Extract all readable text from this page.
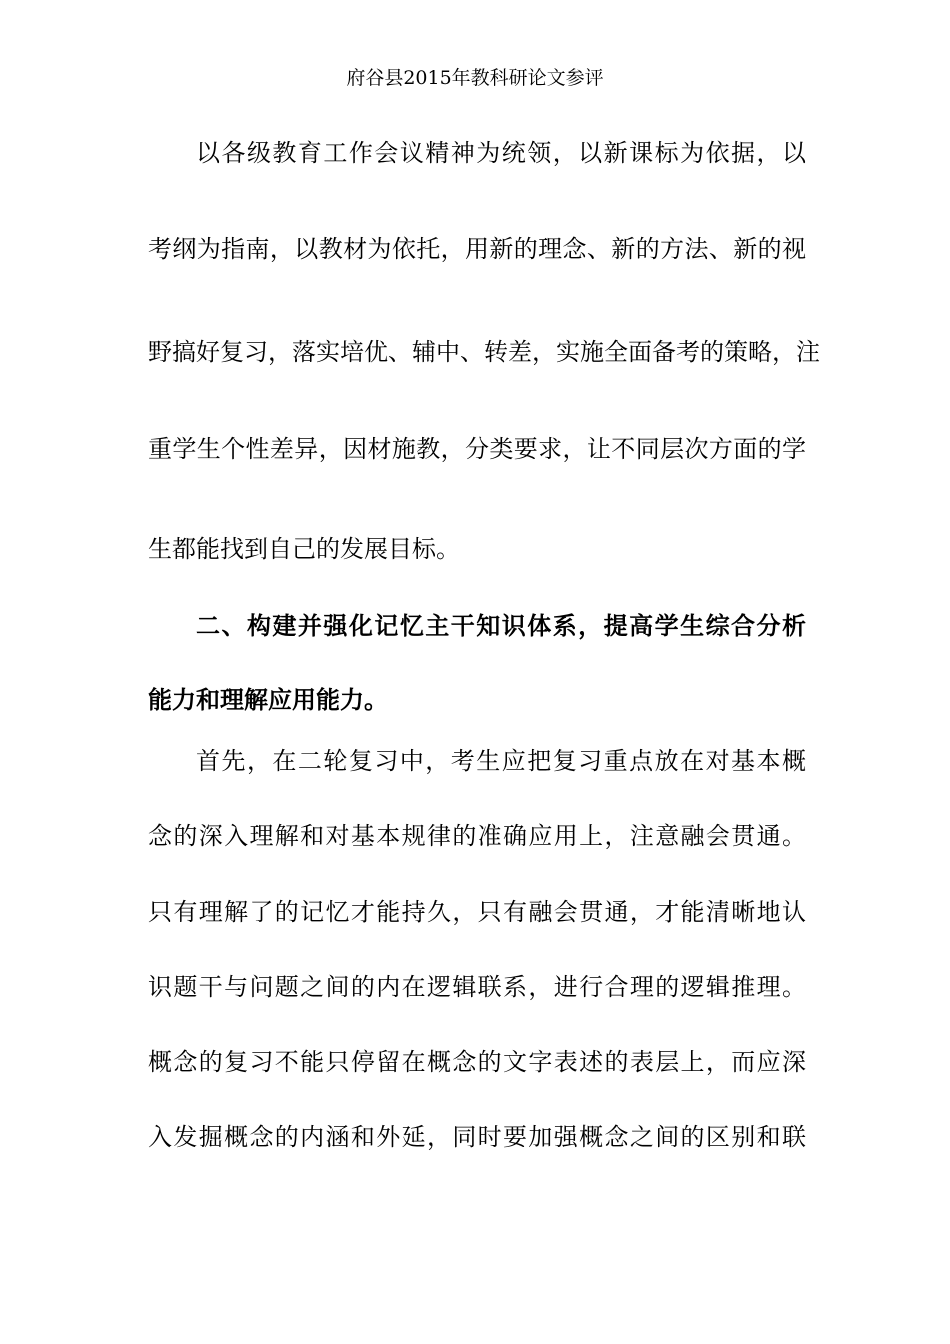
府谷县2015年教科研论文参评
以各级教育工作会议精神为统领，以新课标为依据，以
考纲为指南，以教材为依托，用新的理念、新的方法、新的视
野搞好复习，落实培优、辅中、转差，实施全面备考的策略，注
重学生个性差异，因材施教，分类要求，让不同层次方面的学
生都能找到自己的发展目标。
二、构建并强化记忆主干知识体系，提高学生综合分析
能力和理解应用能力。
首先，在二轮复习中，考生应把复习重点放在对基本概
念的深入理解和对基本规律的准确应用上，注意融会贯通。
只有理解了的记忆才能持久，只有融会贯通，才能清晰地认
识题干与问题之间的内在逻辑联系，进行合理的逻辑推理。
概念的复习不能只停留在概念的文字表述的表层上，而应深
入发掘概念的内涵和外延，同时要加强概念之间的区别和联
